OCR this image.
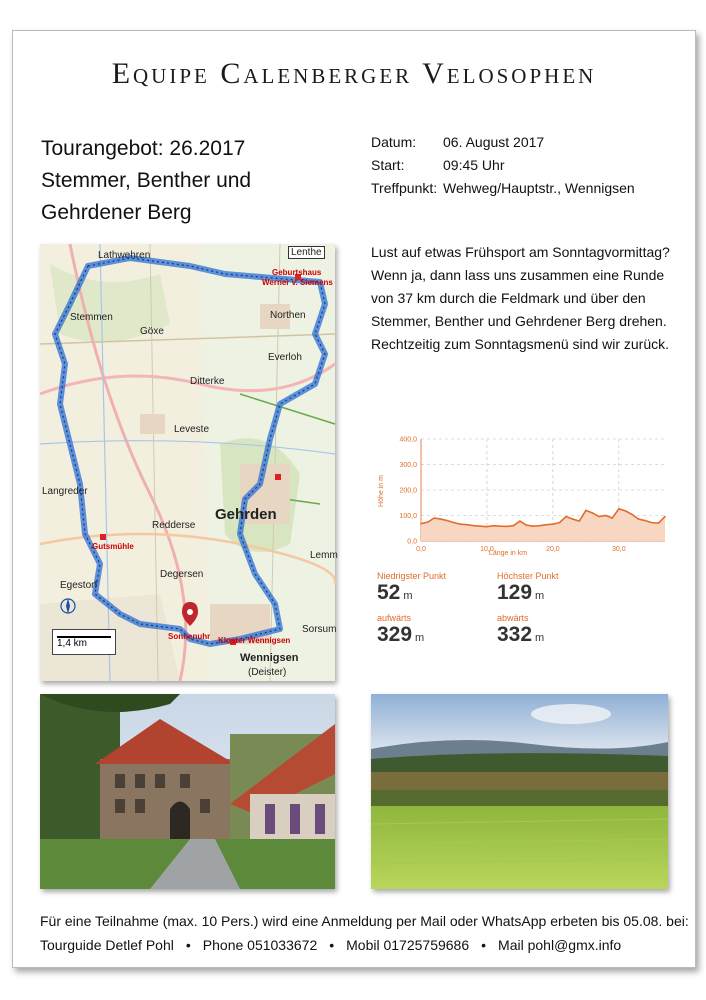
Equipe Calenberger Velosophen
Tourangebot: 26.2017
Stemmer, Benther und
Gehrdener Berg
Datum:	06. August 2017
Start:	09:45 Uhr
Treffpunkt: Wehweg/Hauptstr., Wennigsen
Lust auf etwas Frühsport am Sonntagvormittag?
Wenn ja, dann lass uns zusammen eine Runde
von 37 km durch die Feldmark und über den
Stemmer, Benther und Gehrdener Berg drehen.
Rechtzeitig zum Sonntagsmenü sind wir zurück.
Lathwehren	Lenthe
Stemmen
Göxe
Northen
Everloh
Ditterke
Leveste
Gehrden
Langreder
Redderse
Degersen
Egestorf
Wennigsen
(Deister)
Lemm
Sorsum
Geburtshaus
Werner v. Siemens
Gutsmühle
Kloster Wennigsen
Sonnenuhr
1,4 km
Höhe in m
Länge in km
0,0
100,0
200,0
300,0
400,0
0,0	10,0	20,0	30,0
Niedrigster Punkt
52 m
Höchster Punkt
129 m
aufwärts
329 m
abwärts
332 m
Für eine Teilnahme (max. 10 Pers.) wird eine Anmeldung per Mail oder WhatsApp erbeten bis 05.08. bei:
Tourguide Detlef Pohl • Phone 051033672 • Mobil 01725759686 • Mail pohl@gmx.info
